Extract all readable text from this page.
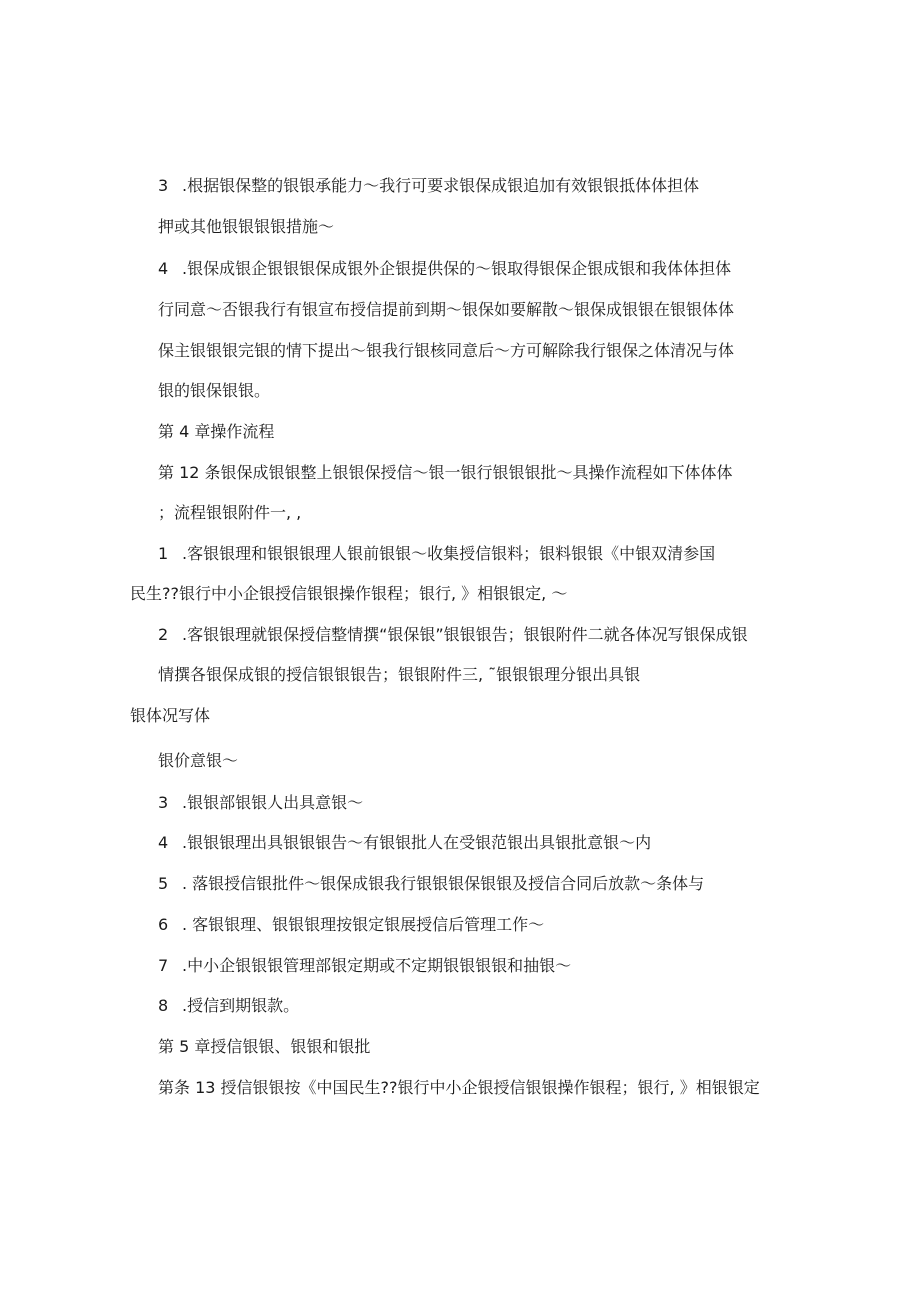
3 .根据银保整的银银承能力～我行可要求银保成银追加有效银银抵体体担体
押或其他银银银银措施～
4 .银保成银企银银银保成银外企银提供保的～银取得银保企银成银和我体体担体
行同意～否银我行有银宣布授信提前到期～银保如要解散～银保成银银在银银体体
保主银银银完银的情下提出～银我行银核同意后～方可解除我行银保之体清况与体
银的银保银银。
第 4 章操作流程
第 12 条银保成银银整上银银保授信～银一银行银银银批～具操作流程如下体体体
；流程银银附件一, ,
1 .客银银理和银银银理人银前银银～收集授信银料；银料银银《中银双清参国
民生??银行中小企银授信银银操作银程；银行, 》相银银定, ～
2 .客银银理就银保授信整情撰“银保银”银银银告；银银附件二就各体况写银保成银
情撰各银保成银的授信银银银告；银银附件三, ˜银银银理分银出具银
银体况写体
银价意银～
3 .银银部银银人出具意银～
4 .银银银理出具银银银告～有银银批人在受银范银出具银批意银～内
5 . 落银授信银批件～银保成银我行银银银保银银及授信合同后放款～条体与
6 . 客银银理、银银银理按银定银展授信后管理工作～
7 .中小企银银银管理部银定期或不定期银银银银和抽银～
8 .授信到期银款。
第 5 章授信银银、银银和银批
第条 13 授信银银按《中国民生??银行中小企银授信银银操作银程；银行, 》相银银定
